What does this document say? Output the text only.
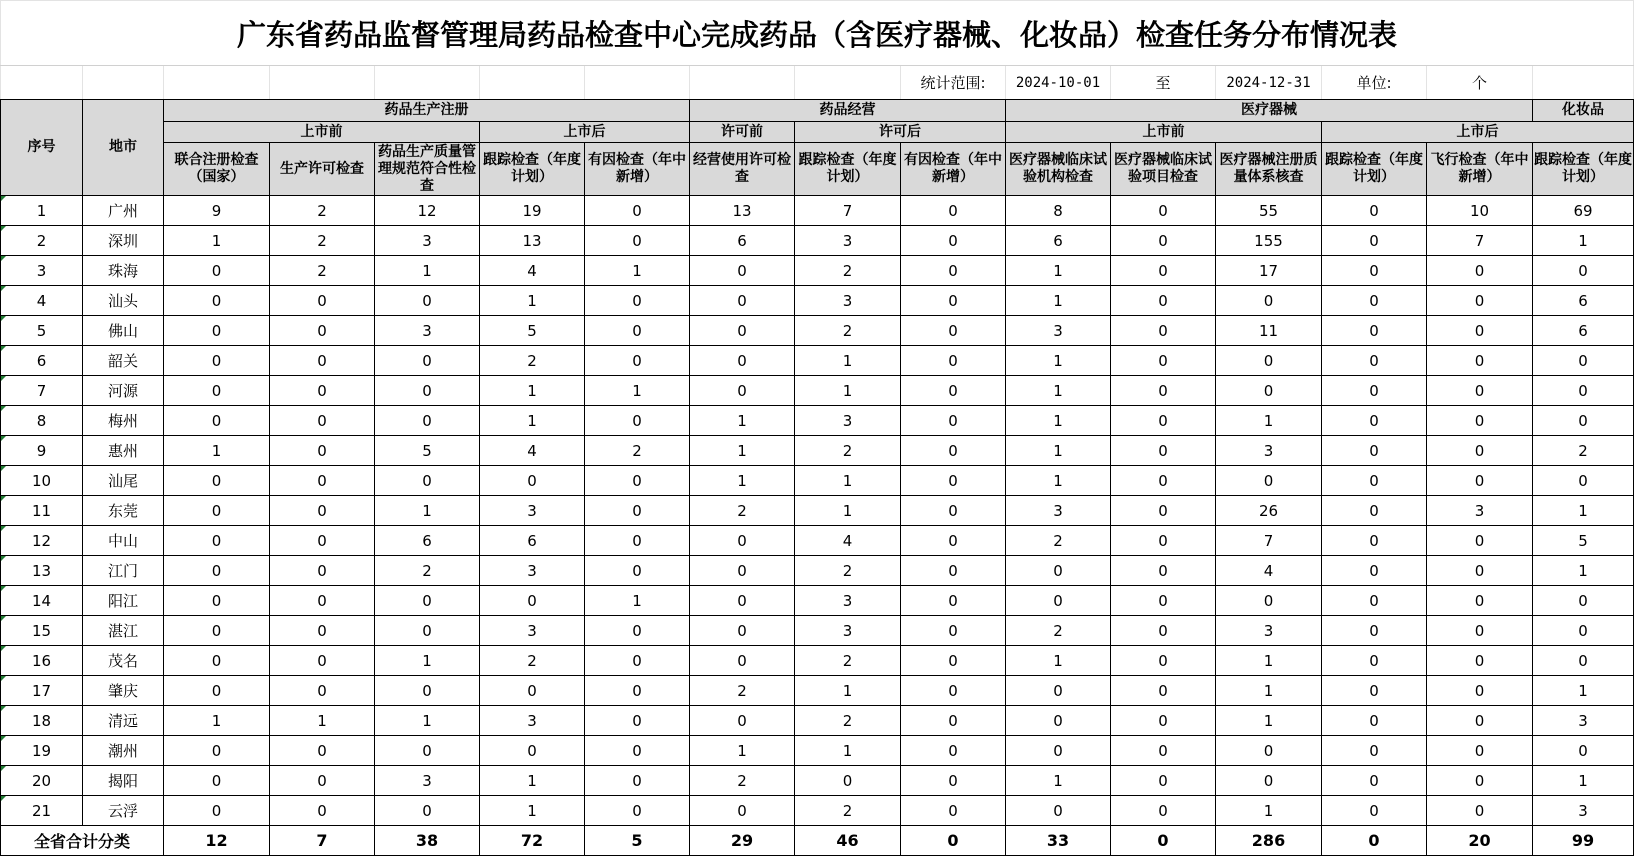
广东省药品监督管理局药品检查中心完成药品（含医疗器械、化妆品）检查任务分布情况表															
									统计范围:	2024-10-01	至	2024-12-31	单位:	个	
序号	地市	药品生产注册					药品经营			医疗器械					化妆品
		上市前			上市后		许可前	许可后		上市前			上市后		
		联合注册检查（国家）	生产许可检查	药品生产质量管理规范符合性检查	跟踪检查（年度计划）	有因检查（年中新增）	经营使用许可检查	跟踪检查（年度计划）	有因检查（年中新增）	医疗器械临床试验机构检查	医疗器械临床试验项目检查	医疗器械注册质量体系核查	跟踪检查（年度计划）	飞行检查（年中新增）	跟踪检查（年度计划）
1	广州	9	2	12	19	0	13	7	0	8	0	55	0	10	69
2	深圳	1	2	3	13	0	6	3	0	6	0	155	0	7	1
3	珠海	0	2	1	4	1	0	2	0	1	0	17	0	0	0
4	汕头	0	0	0	1	0	0	3	0	1	0	0	0	0	6
5	佛山	0	0	3	5	0	0	2	0	3	0	11	0	0	6
6	韶关	0	0	0	2	0	0	1	0	1	0	0	0	0	0
7	河源	0	0	0	1	1	0	1	0	1	0	0	0	0	0
8	梅州	0	0	0	1	0	1	3	0	1	0	1	0	0	0
9	惠州	1	0	5	4	2	1	2	0	1	0	3	0	0	2
10	汕尾	0	0	0	0	0	1	1	0	1	0	0	0	0	0
11	东莞	0	0	1	3	0	2	1	0	3	0	26	0	3	1
12	中山	0	0	6	6	0	0	4	0	2	0	7	0	0	5
13	江门	0	0	2	3	0	0	2	0	0	0	4	0	0	1
14	阳江	0	0	0	0	1	0	3	0	0	0	0	0	0	0
15	湛江	0	0	0	3	0	0	3	0	2	0	3	0	0	0
16	茂名	0	0	1	2	0	0	2	0	1	0	1	0	0	0
17	肇庆	0	0	0	0	0	2	1	0	0	0	1	0	0	1
18	清远	1	1	1	3	0	0	2	0	0	0	1	0	0	3
19	潮州	0	0	0	0	0	1	1	0	0	0	0	0	0	0
20	揭阳	0	0	3	1	0	2	0	0	1	0	0	0	0	1
21	云浮	0	0	0	1	0	0	2	0	0	0	1	0	0	3
全省合计分类		12	7	38	72	5	29	46	0	33	0	286	0	20	99
